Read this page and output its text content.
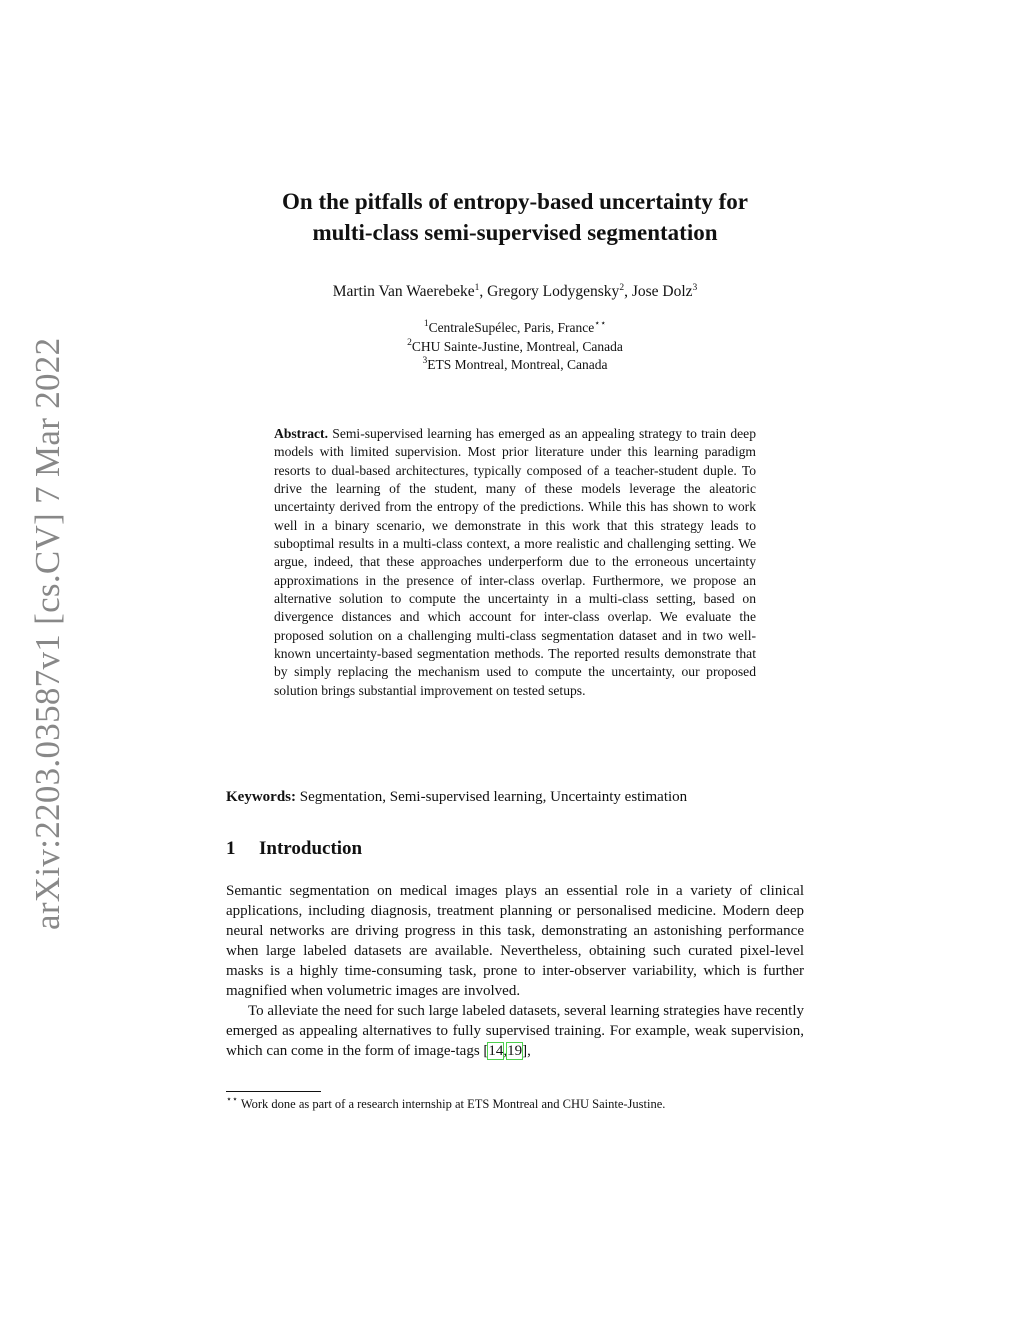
arXiv:2203.03587v1 [cs.CV] 7 Mar 2022
On the pitfalls of entropy-based uncertainty for
multi-class semi-supervised segmentation
Martin Van Waerebeke$^1$, Gregory Lodygensky$^2$, Jose Dolz$^3$
$^1$CentraleSupélec, Paris, France⋆⋆
$^2$CHU Sainte-Justine, Montreal, Canada
$^3$ETS Montreal, Montreal, Canada
Abstract. Semi-supervised learning has emerged as an appealing strategy to train deep models with limited supervision. Most prior literature under this learning paradigm resorts to dual-based architectures, typically composed of a teacher-student duple. To drive the learning of the student, many of these models leverage the aleatoric uncertainty derived from the entropy of the predictions. While this has shown to work well in a binary scenario, we demonstrate in this work that this strategy leads to suboptimal results in a multi-class context, a more realistic and challenging setting. We argue, indeed, that these approaches underperform due to the erroneous uncertainty approximations in the presence of inter-class overlap. Furthermore, we propose an alternative solution to compute the uncertainty in a multi-class setting, based on divergence distances and which account for inter-class overlap. We evaluate the proposed solution on a challenging multi-class segmentation dataset and in two well-known uncertainty-based segmentation methods. The reported results demonstrate that by simply replacing the mechanism used to compute the uncertainty, our proposed solution brings substantial improvement on tested setups.
Keywords: Segmentation, Semi-supervised learning, Uncertainty estimation
1 Introduction

Semantic segmentation on medical images plays an essential role in a variety of clinical applications, including diagnosis, treatment planning or personalised medicine. Modern deep neural networks are driving progress in this task, demonstrating an astonishing performance when large labeled datasets are available. Nevertheless, obtaining such curated pixel-level masks is a highly time-consuming task, prone to inter-observer variability, which is further magnified when volumetric images are involved.

To alleviate the need for such large labeled datasets, several learning strategies have recently emerged as appealing alternatives to fully supervised training. For example, weak supervision, which can come in the form of image-tags [14,19],

⋆⋆ Work done as part of a research internship at ETS Montreal and CHU Sainte-Justine.
